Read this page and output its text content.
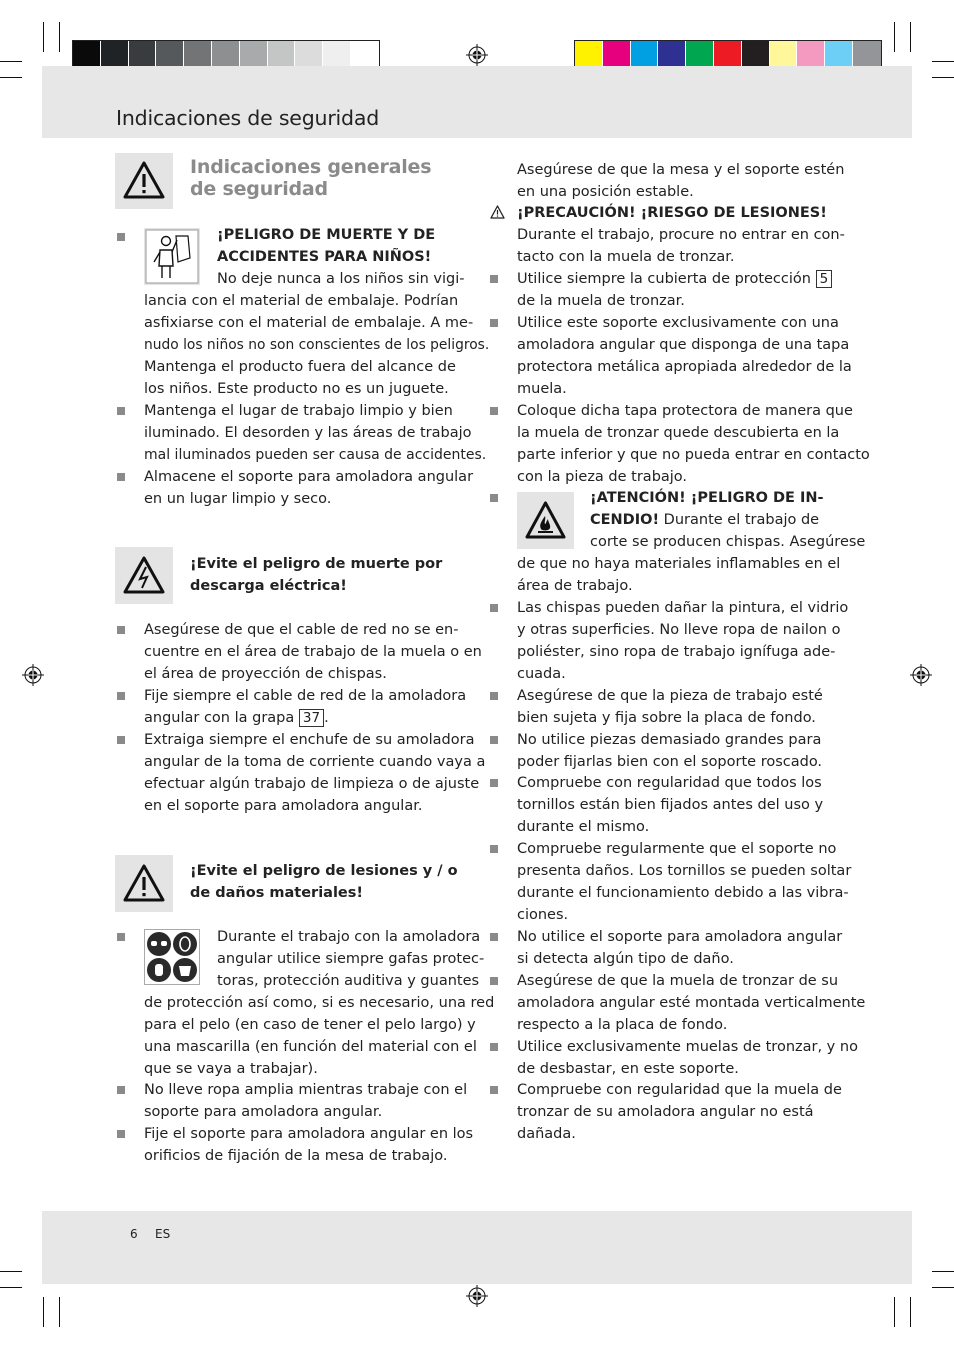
Indicaciones de seguridad
Indicaciones generales
de seguridad
¡PELIGRO DE MUERTE Y DE
ACCIDENTES PARA NIÑOS!

No deje nunca a los niños sin vigi-

lancia con el material de embalaje. Podrían

asfixiarse con el material de embalaje. A me-

nudo los niños no son conscientes de los peligros.

Mantenga el producto fuera del alcance de

los niños. Este producto no es un juguete.

Mantenga el lugar de trabajo limpio y bien

iluminado. El desorden y las áreas de trabajo

mal iluminados pueden ser causa de accidentes.

Almacene el soporte para amoladora angular

en un lugar limpio y seco.

¡Evite el peligro de muerte por
descarga eléctrica!

Asegúrese de que el cable de red no se en-

cuentre en el área de trabajo de la muela o en

el área de proyección de chispas.

Fije siempre el cable de red de la amoladora

angular con la grapa 37 .

Extraiga siempre el enchufe de su amoladora

angular de la toma de corriente cuando vaya a

efectuar algún trabajo de limpieza o de ajuste

en el soporte para amoladora angular.

¡Evite el peligro de lesiones y / o
de daños materiales!

Durante el trabajo con la amoladora

angular utilice siempre gafas protec-

toras, protección auditiva y guantes

de protección así como, si es necesario, una red

para el pelo (en caso de tener el pelo largo) y

una mascarilla (en función del material con el

que se vaya a trabajar).

No lleve ropa amplia mientras trabaje con el

soporte para amoladora angular.

Fije el soporte para amoladora angular en los

orificios de fijación de la mesa de trabajo.

Asegúrese de que la mesa y el soporte estén

en una posición estable.

¡PRECAUCIÓN! ¡RIESGO DE LESIONES!

Durante el trabajo, procure no entrar en con-

tacto con la muela de tronzar.

Utilice siempre la cubierta de protección 5

de la muela de tronzar.

Utilice este soporte exclusivamente con una

amoladora angular que disponga de una tapa

protectora metálica apropiada alrededor de la

muela.

Coloque dicha tapa protectora de manera que

la muela de tronzar quede descubierta en la

parte inferior y que no pueda entrar en contacto

con la pieza de trabajo.

¡ATENCIÓN! ¡PELIGRO DE IN-

CENDIO! Durante el trabajo de

corte se producen chispas. Asegúrese

de que no haya materiales inflamables en el

área de trabajo.

Las chispas pueden dañar la pintura, el vidrio

y otras superficies. No lleve ropa de nailon o

poliéster, sino ropa de trabajo ignífuga ade-

cuada.

Asegúrese de que la pieza de trabajo esté

bien sujeta y fija sobre la placa de fondo.

No utilice piezas demasiado grandes para

poder fijarlas bien con el soporte roscado.

Compruebe con regularidad que todos los

tornillos están bien fijados antes del uso y

durante el mismo.

Compruebe regularmente que el soporte no

presenta daños. Los tornillos se pueden soltar

durante el funcionamiento debido a las vibra-

ciones.

No utilice el soporte para amoladora angular

si detecta algún tipo de daño.

Asegúrese de que la muela de tronzar de su

amoladora angular esté montada verticalmente

respecto a la placa de fondo.

Utilice exclusivamente muelas de tronzar, y no

de desbastar, en este soporte.

Compruebe con regularidad que la muela de

tronzar de su amoladora angular no está

dañada.

6 ES
